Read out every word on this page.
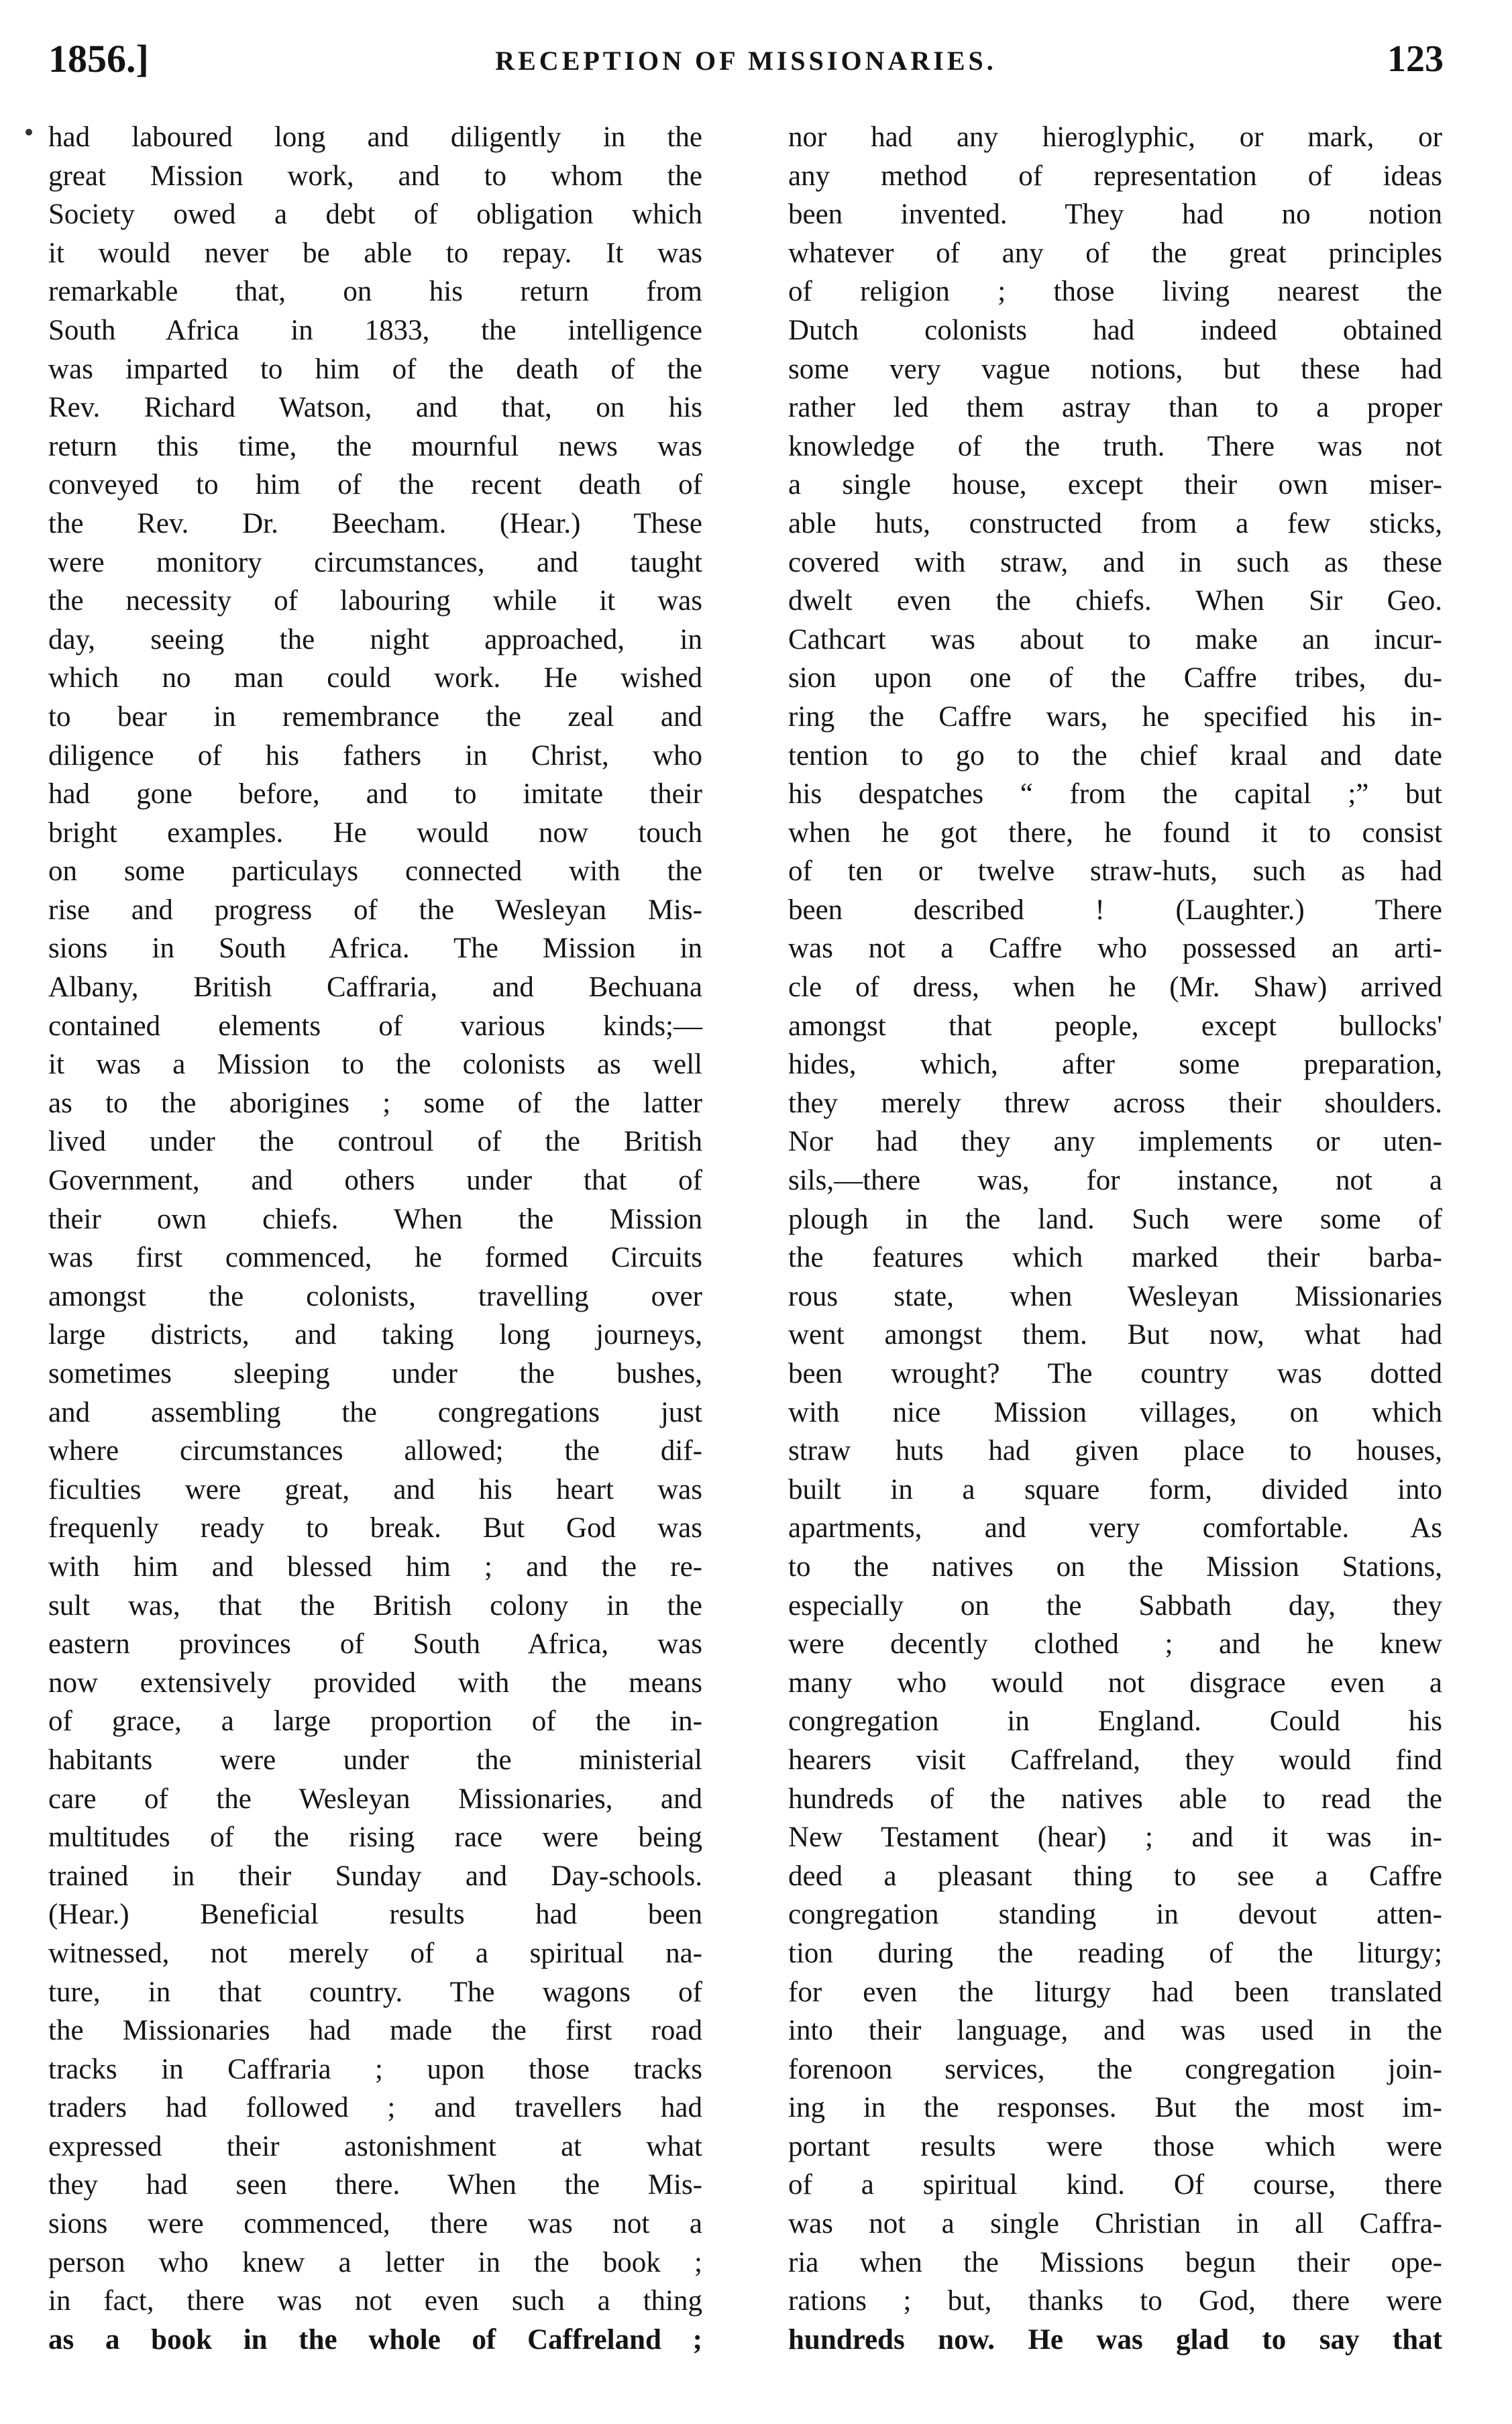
1856.]	RECEPTION OF MISSIONARIES.	123
had laboured long and diligently in the
great Mission work, and to whom the
Society owed a debt of obligation which
it would never be able to repay. It was
remarkable that, on his return from
South Africa in 1833, the intelligence
was imparted to him of the death of the
Rev. Richard Watson, and that, on his
return this time, the mournful news was
conveyed to him of the recent death of
the Rev. Dr. Beecham. (Hear.) These
were monitory circumstances, and taught
the necessity of labouring while it was
day, seeing the night approached, in
which no man could work. He wished
to bear in remembrance the zeal and
diligence of his fathers in Christ, who
had gone before, and to imitate their
bright examples. He would now touch
on some particulays connected with the
rise and progress of the Wesleyan Mis-
sions in South Africa. The Mission in
Albany, British Caffraria, and Bechuana
contained elements of various kinds;—
it was a Mission to the colonists as well
as to the aborigines ; some of the latter
lived under the controul of the British
Government, and others under that of
their own chiefs. When the Mission
was first commenced, he formed Circuits
amongst the colonists, travelling over
large districts, and taking long journeys,
sometimes sleeping under the bushes,
and assembling the congregations just
where circumstances allowed; the dif-
ficulties were great, and his heart was
frequenly ready to break. But God was
with him and blessed him ; and the re-
sult was, that the British colony in the
eastern provinces of South Africa, was
now extensively provided with the means
of grace, a large proportion of the in-
habitants were under the ministerial
care of the Wesleyan Missionaries, and
multitudes of the rising race were being
trained in their Sunday and Day-schools.
(Hear.) Beneficial results had been
witnessed, not merely of a spiritual na-
ture, in that country. The wagons of
the Missionaries had made the first road
tracks in Caffraria ; upon those tracks
traders had followed ; and travellers had
expressed their astonishment at what
they had seen there. When the Mis-
sions were commenced, there was not a
person who knew a letter in the book ;
in fact, there was not even such a thing
as a book in the whole of Caffreland ;
nor had any hieroglyphic, or mark, or
any method of representation of ideas
been invented. They had no notion
whatever of any of the great principles
of religion ; those living nearest the
Dutch colonists had indeed obtained
some very vague notions, but these had
rather led them astray than to a proper
knowledge of the truth. There was not
a single house, except their own miser-
able huts, constructed from a few sticks,
covered with straw, and in such as these
dwelt even the chiefs. When Sir Geo.
Cathcart was about to make an incur-
sion upon one of the Caffre tribes, du-
ring the Caffre wars, he specified his in-
tention to go to the chief kraal and date
his despatches “ from the capital ;” but
when he got there, he found it to consist
of ten or twelve straw-huts, such as had
been described ! (Laughter.) There
was not a Caffre who possessed an arti-
cle of dress, when he (Mr. Shaw) arrived
amongst that people, except bullocks'
hides, which, after some preparation,
they merely threw across their shoulders.
Nor had they any implements or uten-
sils,—there was, for instance, not a
plough in the land. Such were some of
the features which marked their barba-
rous state, when Wesleyan Missionaries
went amongst them. But now, what had
been wrought? The country was dotted
with nice Mission villages, on which
straw huts had given place to houses,
built in a square form, divided into
apartments, and very comfortable. As
to the natives on the Mission Stations,
especially on the Sabbath day, they
were decently clothed ; and he knew
many who would not disgrace even a
congregation in England. Could his
hearers visit Caffreland, they would find
hundreds of the natives able to read the
New Testament (hear) ; and it was in-
deed a pleasant thing to see a Caffre
congregation standing in devout atten-
tion during the reading of the liturgy;
for even the liturgy had been translated
into their language, and was used in the
forenoon services, the congregation join-
ing in the responses. But the most im-
portant results were those which were
of a spiritual kind. Of course, there
was not a single Christian in all Caffra-
ria when the Missions begun their ope-
rations ; but, thanks to God, there were
hundreds now. He was glad to say that
